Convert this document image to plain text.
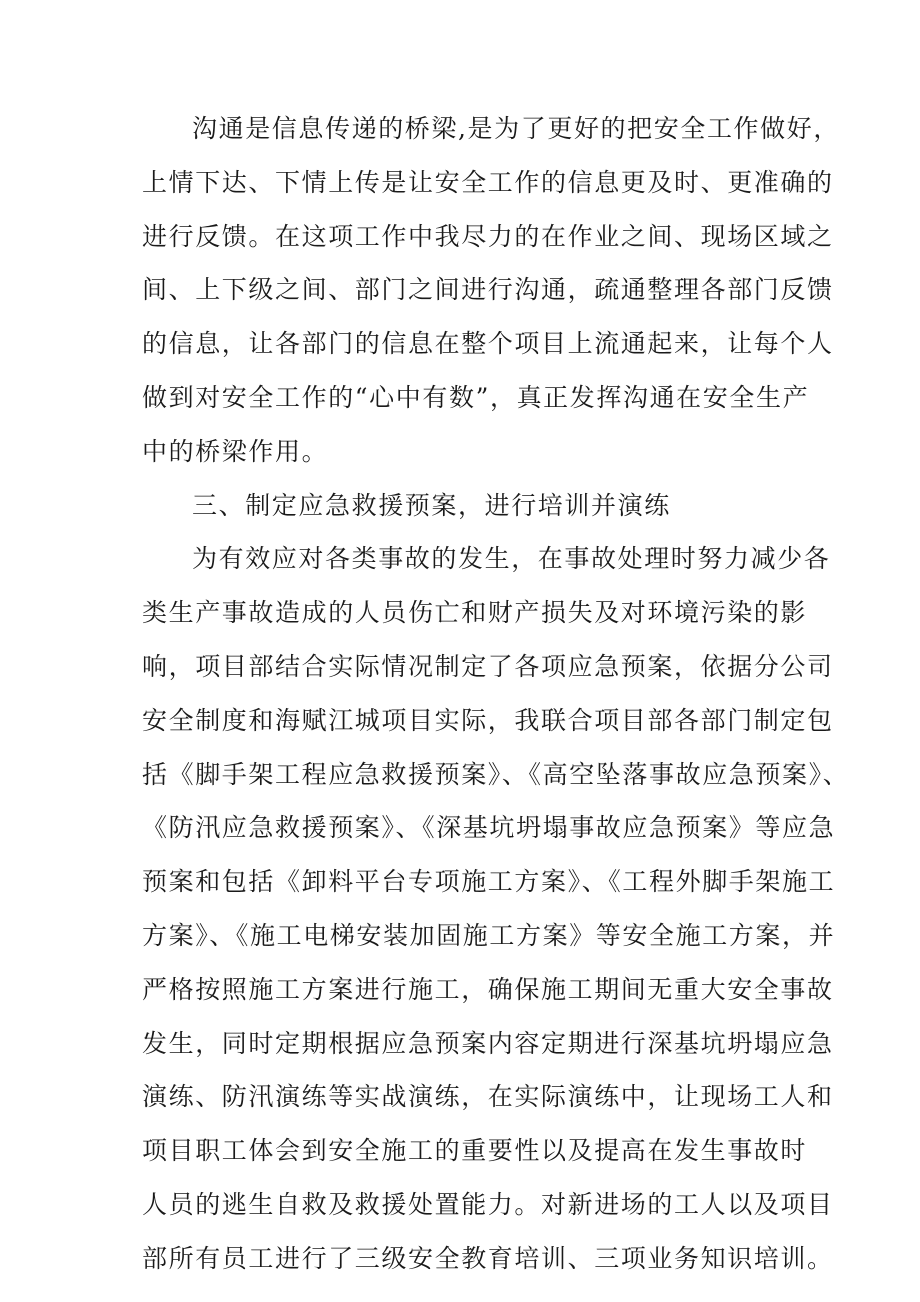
沟通是信息传递的桥梁,是为了更好的把安全工作做好，
上情下达、下情上传是让安全工作的信息更及时、更准确的
进行反馈。在这项工作中我尽力的在作业之间、现场区域之
间、上下级之间、部门之间进行沟通，疏通整理各部门反馈
的信息，让各部门的信息在整个项目上流通起来，让每个人
做到对安全工作的“心中有数”，真正发挥沟通在安全生产
中的桥梁作用。
三、制定应急救援预案，进行培训并演练
为有效应对各类事故的发生，在事故处理时努力减少各
类生产事故造成的人员伤亡和财产损失及对环境污染的影
响，项目部结合实际情况制定了各项应急预案，依据分公司
安全制度和海赋江城项目实际，我联合项目部各部门制定包
括《脚手架工程应急救援预案》、《高空坠落事故应急预案》、
《防汛应急救援预案》、《深基坑坍塌事故应急预案》等应急
预案和包括《卸料平台专项施工方案》、《工程外脚手架施工
方案》、《施工电梯安装加固施工方案》等安全施工方案，并
严格按照施工方案进行施工，确保施工期间无重大安全事故
发生，同时定期根据应急预案内容定期进行深基坑坍塌应急
演练、防汛演练等实战演练，在实际演练中，让现场工人和
项目职工体会到安全施工的重要性以及提高在发生事故时
人员的逃生自救及救援处置能力。对新进场的工人以及项目
部所有员工进行了三级安全教育培训、三项业务知识培训。
